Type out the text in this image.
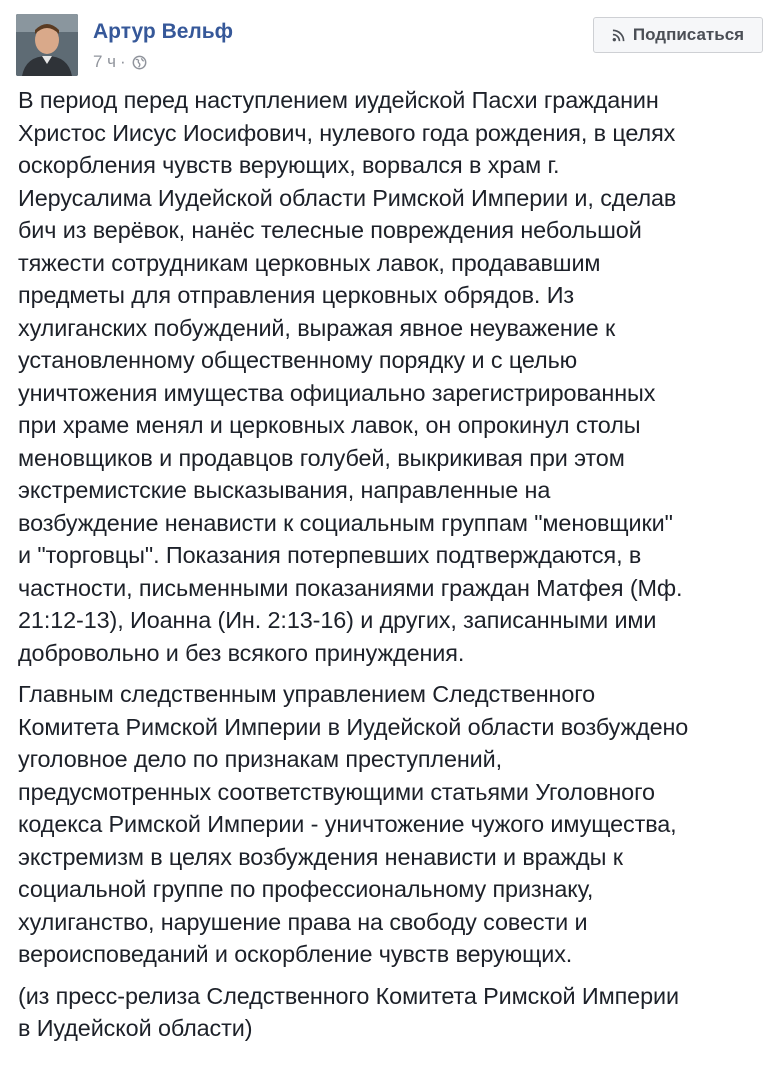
Артур Вельф
7 ч ·
Подписаться

В период перед наступлением иудейской Пасхи гражданин
Христос Иисус Иосифович, нулевого года рождения, в целях
оскорбления чувств верующих, ворвался в храм г.
Иерусалима Иудейской области Римской Империи и, сделав
бич из верёвок, нанёс телесные повреждения небольшой
тяжести сотрудникам церковных лавок, продававшим
предметы для отправления церковных обрядов. Из
хулиганских побуждений, выражая явное неуважение к
установленному общественному порядку и с целью
уничтожения имущества официально зарегистрированных
при храме менял и церковных лавок, он опрокинул столы
меновщиков и продавцов голубей, выкрикивая при этом
экстремистские высказывания, направленные на
возбуждение ненависти к социальным группам "меновщики"
и "торговцы". Показания потерпевших подтверждаются, в
частности, письменными показаниями граждан Матфея (Мф.
21:12-13), Иоанна (Ин. 2:13-16) и других, записанными ими
добровольно и без всякого принуждения.

Главным следственным управлением Следственного
Комитета Римской Империи в Иудейской области возбуждено
уголовное дело по признакам преступлений,
предусмотренных соответствующими статьями Уголовного
кодекса Римской Империи - уничтожение чужого имущества,
экстремизм в целях возбуждения ненависти и вражды к
социальной группе по профессиональному признаку,
хулиганство, нарушение права на свободу совести и
вероисповеданий и оскорбление чувств верующих.

(из пресс-релиза Следственного Комитета Римской Империи
в Иудейской области)
